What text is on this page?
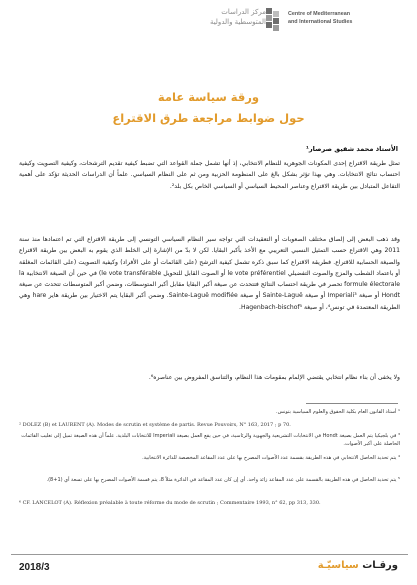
مركز الدراسات
المتوسطية والدولية
Centre of Mediterranean
and International Studies
ورقة سياسة عامة
حول ضوابط مراجعة طرق الاقتراع
الأستاذ محمد شفيق صرصار¹
تمثل طريقة الاقتراع إحدى المكونات الجوهرية للنظام الانتخابي، إذ أنها تشمل جملة القواعد التي تضبط كيفية تقديم الترشحات، وكيفية التصويت وكيفية احتساب نتائج الانتخابات. وهي بهذا تؤثر بشكل بالغ على المنظومة الحزبية ومن ثم على النظام السياسي. علماً أن الدراسات الحديثة تؤكد على أهمية التفاعل المتبادل بين طريقة الاقتراع وعناصر المحيط السياسي أو السياسي الخاص بكل بلد².
وقد ذهب البعض إلى إلصاق مختلف الصعوبات أو التعقيدات التي تواجه سير النظام السياسي التونسي إلى طريقة الاقتراع التي تم اعتمادها منذ سنة 2011 وهي الاقتراع حسب التمثيل النسبي التعريبي مع الأخذ بأكبر البقايا. لكن لا بدّ من الإشارة إلى الخلط الذي يقوم به البعض بين طريقة الاقتراع والصيغة الحسابية للاقتراع. فطريقة الاقتراع كما سبق ذكره تشمل كيفية الترشح (على القائمات أو على الأفراد) وكيفية التصويت (على القائمات المغلقة أو باعتماد الشطب والمزج والصوت التفضيلي le vote préférentiel أو الصوت القابل للتحويل le vote transférable) في حين أن الصيغة الانتخابية la formule électorale تحصر في طريقة احتساب النتائج فتتحدث عن صيغة أكبر البقايا مقابل أكبر المتوسطات، وضمن أكبر المتوسطات تتحدث عن صيغة Hondt أو صيغة Imperiali³ أو صيغة Sainte-Laguë أو صيغة Sainte-Laguë modifiée. وضمن أكبر البقايا يتم الاختيار بين طريقة هاير hare وهي الطريقة المعتمدة في تونس⁴، أو صيغة Hagenbach-bischof⁵.
ولا يخفى أن بناء نظام انتخابي يقتضي الإلمام بمقومات هذا النظام، والتناسق المفروض بين عناصره⁶.
¹ أستاذ القانون العام بكلية الحقوق والعلوم السياسية بتونس.
² DOLEZ (B) et LAURENT (A). Modes de scrutin et système de partis. Revue Pouvoirs, N° 163, 2017 ; p 70.
³ في بلجيكيا يتم العمل بصيغة Hondt في الانتخابات التشريعية والجهوية والرئاسية، في حين يقع العمل بصيغة Imperiali للانتخابات البلدية. علماً أن هذه الصيغة تميل إلى تغليب القائمات الحاصلة على أكبر الأصوات.
⁴ يتم تحديد الحاصل الانتخابي في هذه الطريقة بقسمة عدد الأصوات المصرح بها على عدد المقاعد المخصصة للدائرة الانتخابية.
⁵ يتم تحديد الحاصل في هذه الطريقة بالقسمة على عدد المقاعد زائد واحد. أي إن كان عدد المقاعد في الدائرة مثلاً 8، يتم قسمة الأصوات المصرح بها على تسعة أي (1+8).
⁶ CF. LANCELOT (A). Réflexion préalable à toute réforme du mode de scrutin ; Commentaire 1993, n° 62, pp 313, 330.
2018/3	ورقـات سياسيّـة
